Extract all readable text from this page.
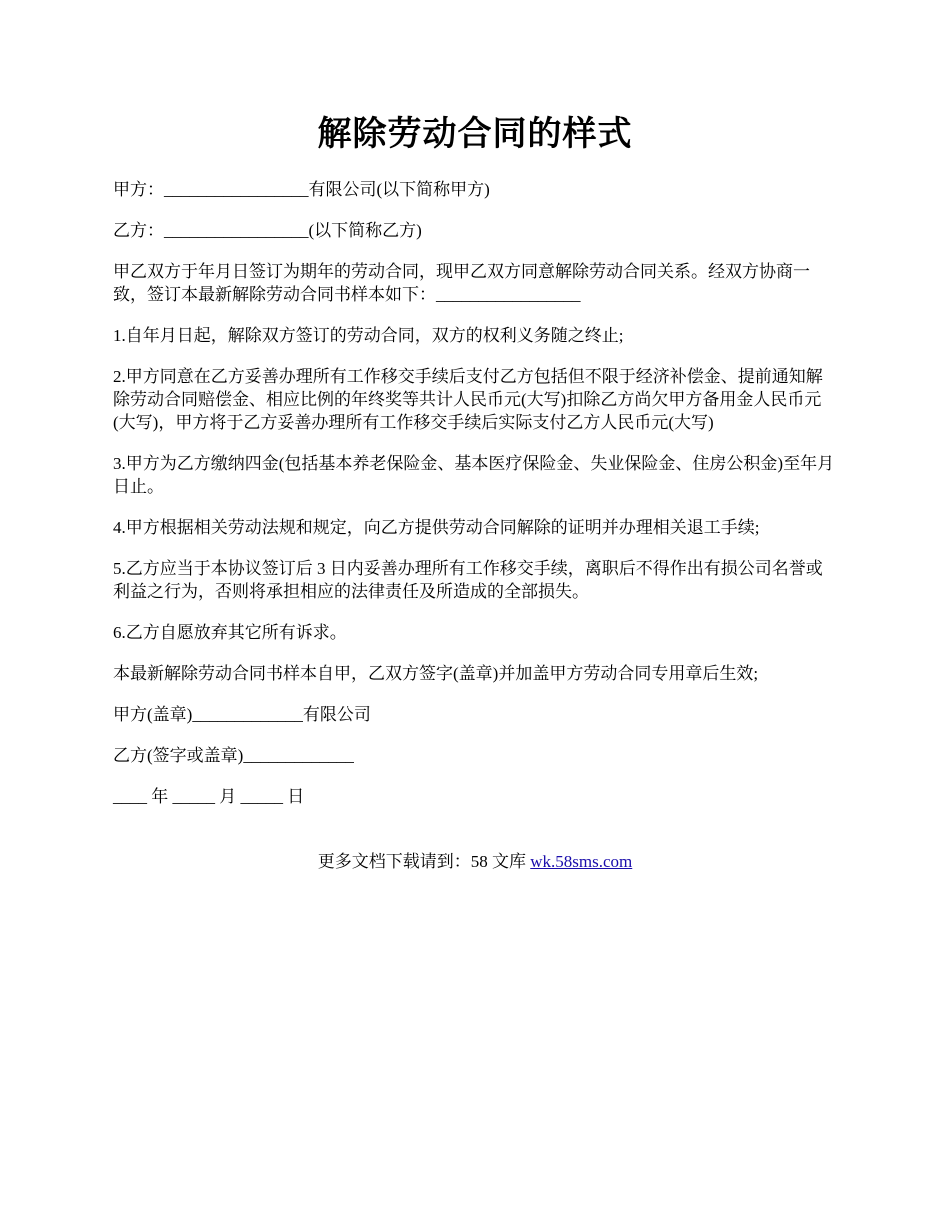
解除劳动合同的样式

甲方：_________________有限公司(以下简称甲方)

乙方：_________________(以下简称乙方)

甲乙双方于年月日签订为期年的劳动合同，现甲乙双方同意解除劳动合同关系。经双方协商一致，签订本最新解除劳动合同书样本如下：_________________

1.自年月日起，解除双方签订的劳动合同，双方的权利义务随之终止;

2.甲方同意在乙方妥善办理所有工作移交手续后支付乙方包括但不限于经济补偿金、提前通知解除劳动合同赔偿金、相应比例的年终奖等共计人民币元(大写)扣除乙方尚欠甲方备用金人民币元(大写)，甲方将于乙方妥善办理所有工作移交手续后实际支付乙方人民币元(大写)

3.甲方为乙方缴纳四金(包括基本养老保险金、基本医疗保险金、失业保险金、住房公积金)至年月日止。

4.甲方根据相关劳动法规和规定，向乙方提供劳动合同解除的证明并办理相关退工手续;

5.乙方应当于本协议签订后 3 日内妥善办理所有工作移交手续，离职后不得作出有损公司名誉或利益之行为，否则将承担相应的法律责任及所造成的全部损失。

6.乙方自愿放弃其它所有诉求。

本最新解除劳动合同书样本自甲，乙双方签字(盖章)并加盖甲方劳动合同专用章后生效;

甲方(盖章)_____________有限公司

乙方(签字或盖章)_____________

____ 年 _____ 月 _____ 日

更多文档下载请到：58 文库 wk.58sms.com
